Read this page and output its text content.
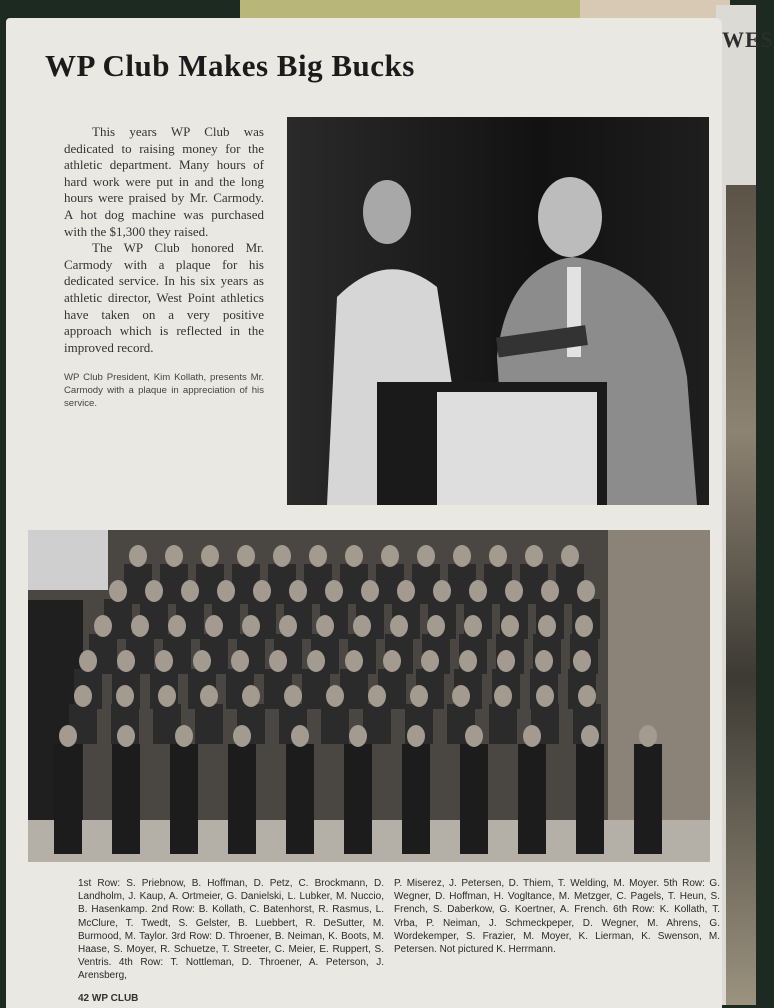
WES
WP Club Makes Big Bucks

This years WP Club was dedicated to raising money for the athletic department. Many hours of hard work were put in and the long hours were praised by Mr. Carmody. A hot dog machine was purchased with the $1,300 they raised.

The WP Club honored Mr. Carmody with a plaque for his dedicated service. In his six years as athletic director, West Point athletics have taken on a very positive approach which is reflected in the improved record.

WP Club President, Kim Kollath, presents Mr. Carmody with a plaque in appreciation of his service.
1st Row: S. Priebnow, B. Hoffman, D. Petz, C. Brockmann, D. Landholm, J. Kaup, A. Ortmeier, G. Danielski, L. Lubker, M. Nuccio, B. Hasenkamp. 2nd Row: B. Kollath, C. Batenhorst, R. Rasmus, L. McClure, T. Twedt, S. Gelster, B. Luebbert, R. DeSutter, M. Burmood, M. Taylor. 3rd Row: D. Throener, B. Neiman, K. Boots, M. Haase, S. Moyer, R. Schuetze, T. Streeter, C. Meier, E. Ruppert, S. Ventris. 4th Row: T. Nottleman, D. Throener, A. Peterson, J. Arensberg,
42 WP CLUB
P. Miserez, J. Petersen, D. Thiem, T. Welding, M. Moyer. 5th Row: G. Wegner, D. Hoffman, H. Vogltance, M. Metzger, C. Pagels, T. Heun, S. French, S. Daberkow, G. Koertner, A. French. 6th Row: K. Kollath, T. Vrba, P. Neiman, J. Schmeckpeper, D. Wegner, M. Ahrens, G. Wordekemper, S. Frazier, M. Moyer, K. Lierman, K. Swenson, M. Petersen. Not pictured K. Herrmann.
